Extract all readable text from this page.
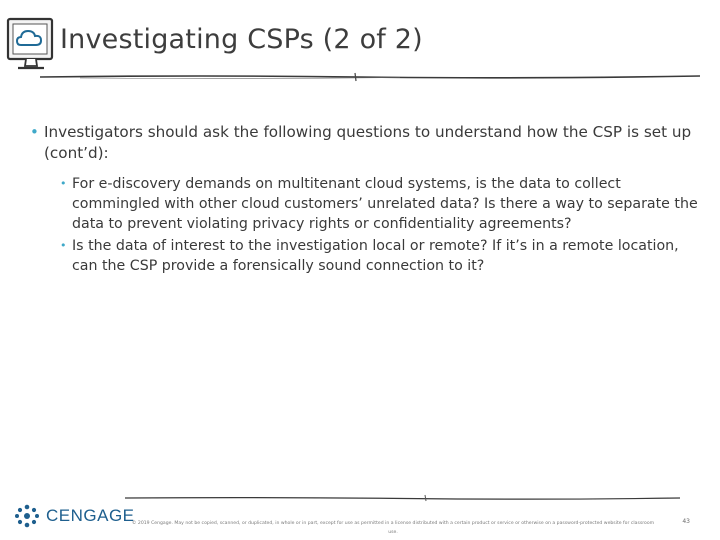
Investigating CSPs (2 of 2)
• Investigators should ask the following questions to understand how the CSP is set up (cont’d):
• For e-discovery demands on multitenant cloud systems, is the data to collect commingled with other cloud customers’ unrelated data? Is there a way to separate the data to prevent violating privacy rights or confidentiality agreements?
• Is the data of interest to the investigation local or remote? If it’s in a remote location, can the CSP provide a forensically sound connection to it?
CENGAGE
© 2019 Cengage. May not be copied, scanned, or duplicated, in whole or in part, except for use as permitted in a license distributed with a certain product or service or otherwise on a password-protected website for classroom use.
43
